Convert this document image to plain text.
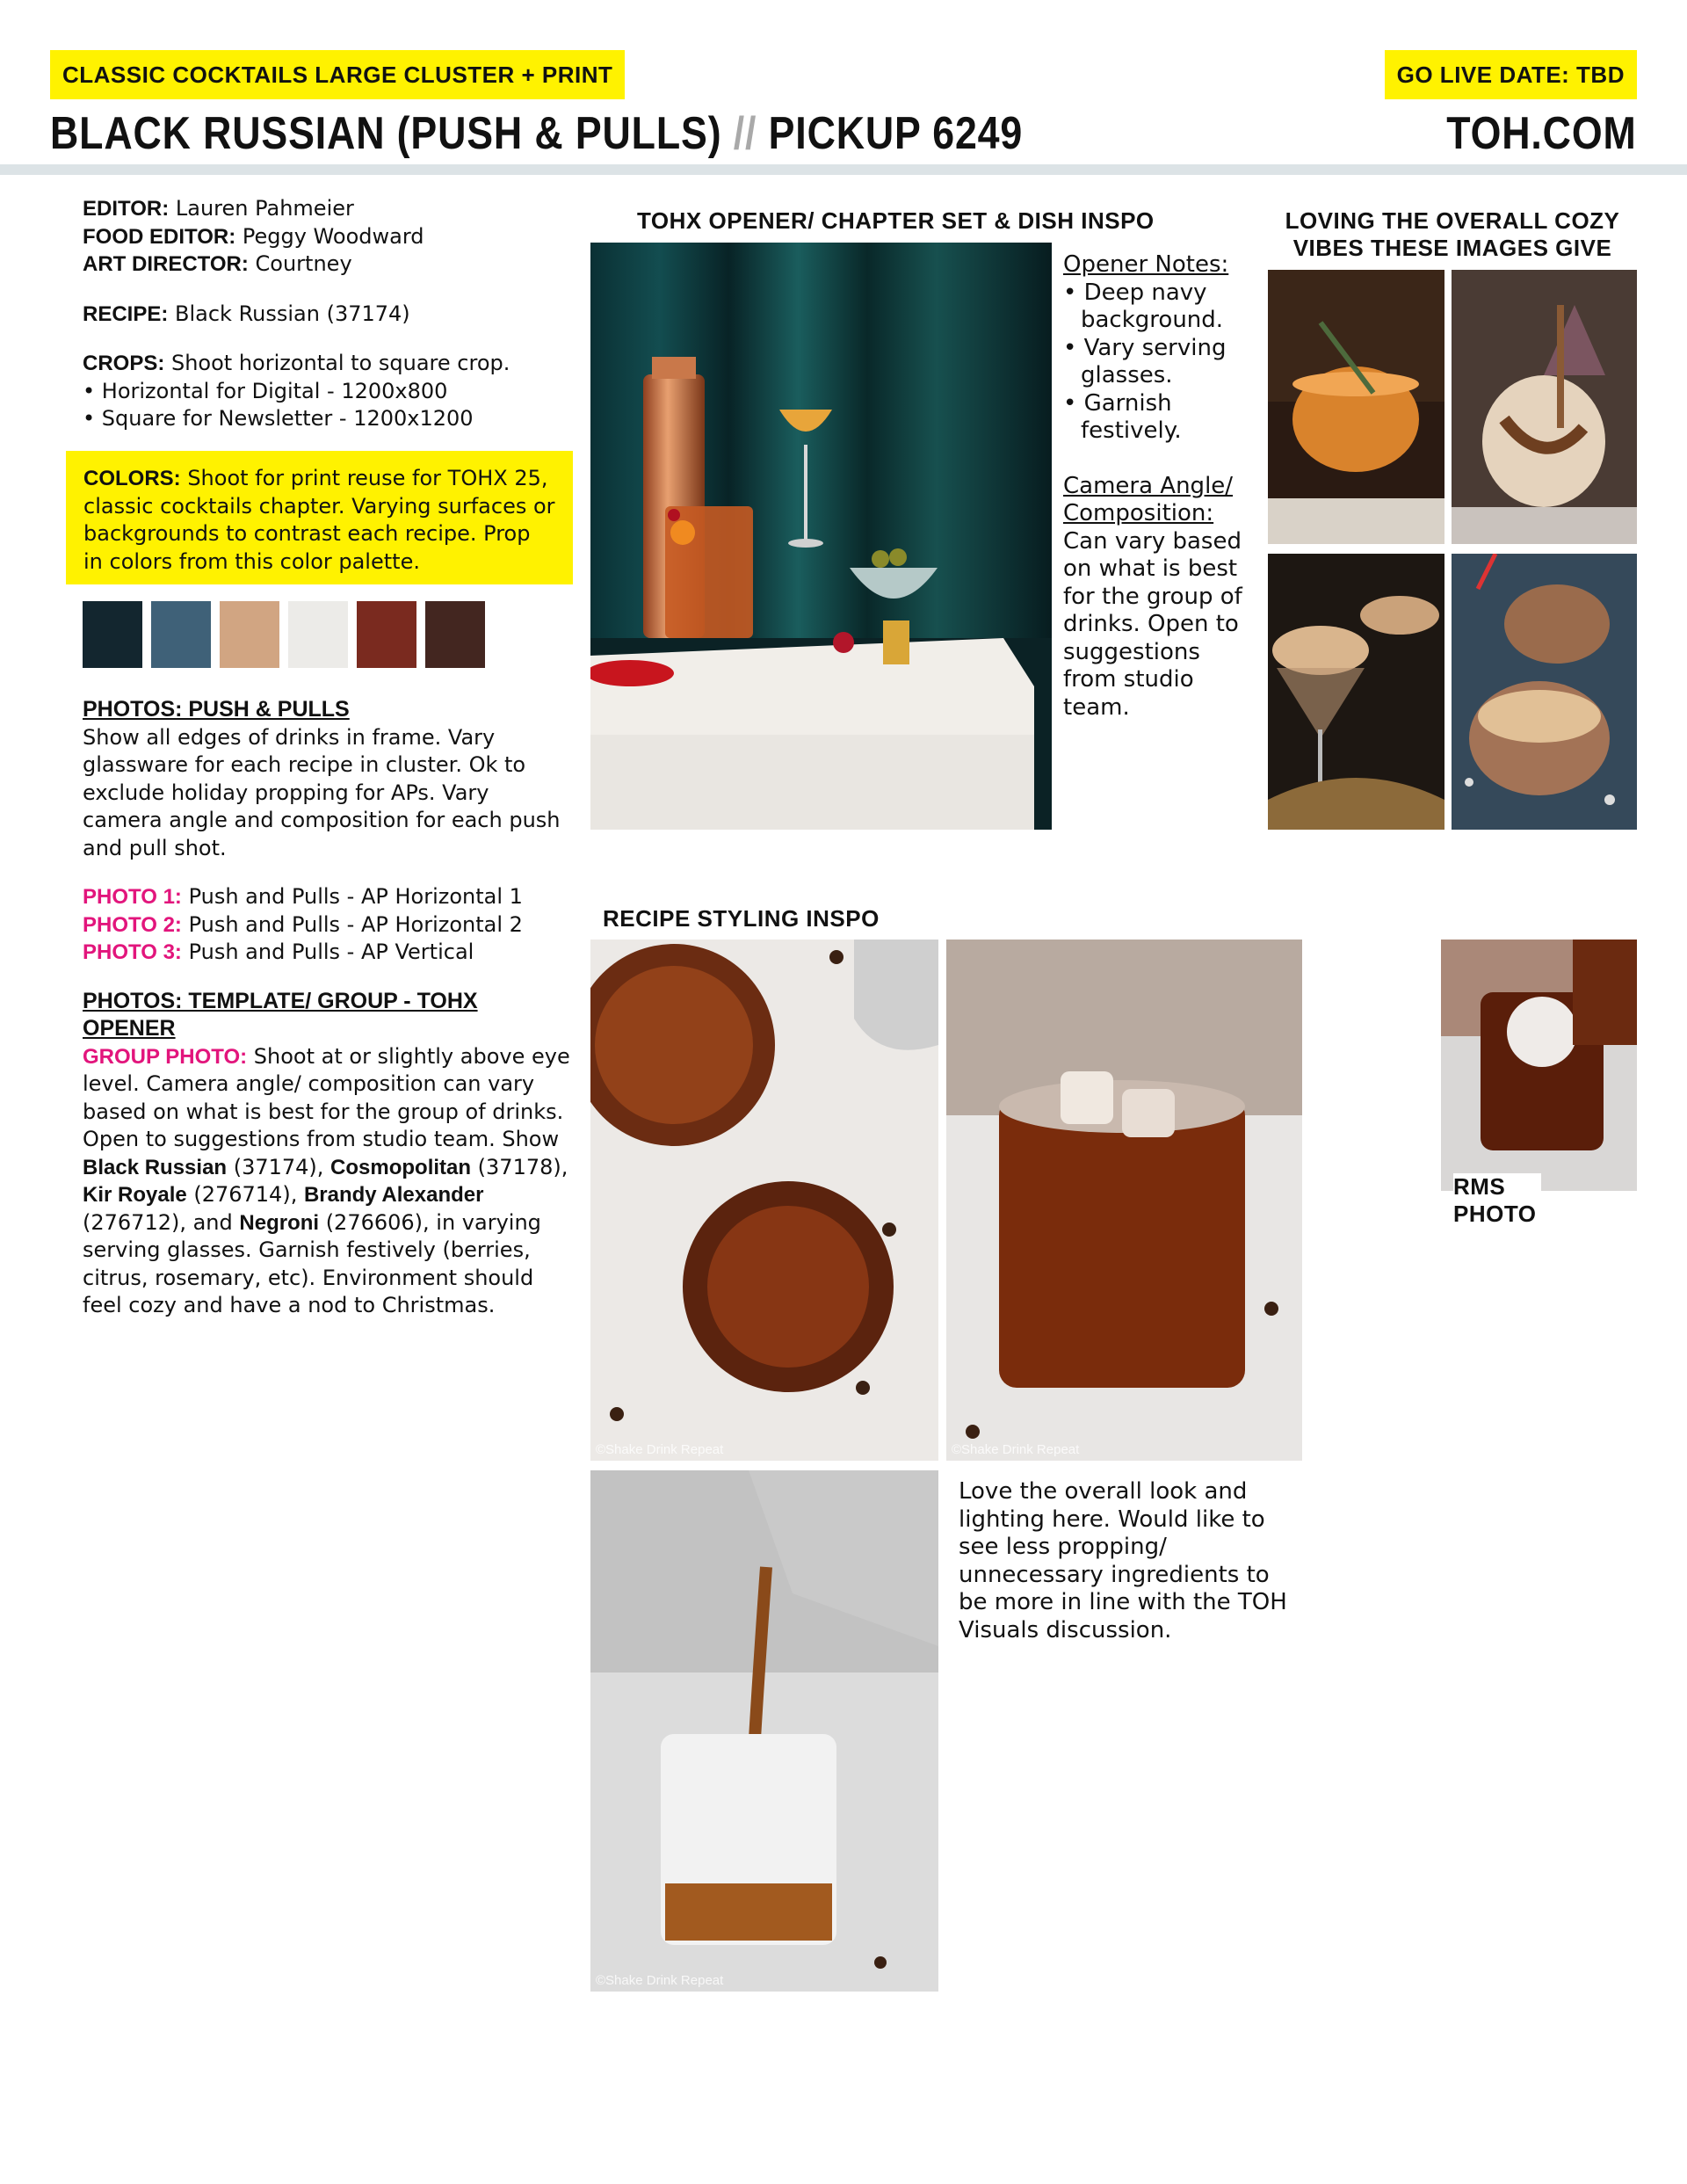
CLASSIC COCKTAILS LARGE CLUSTER + PRINT	GO LIVE DATE: TBD
BLACK RUSSIAN (PUSH & PULLS) // PICKUP 6249	TOH.COM
EDITOR: Lauren Pahmeier
FOOD EDITOR: Peggy Woodward
ART DIRECTOR: Courtney
RECIPE: Black Russian (37174)
CROPS: Shoot horizontal to square crop.
• Horizontal for Digital - 1200x800
• Square for Newsletter - 1200x1200
COLORS: Shoot for print reuse for TOHX 25, classic cocktails chapter. Varying surfaces or backgrounds to contrast each recipe. Prop in colors from this color palette.
PHOTOS: PUSH & PULLS
Show all edges of drinks in frame. Vary glassware for each recipe in cluster. Ok to exclude holiday propping for APs. Vary camera angle and composition for each push and pull shot.
PHOTO 1: Push and Pulls - AP Horizontal 1
PHOTO 2: Push and Pulls - AP Horizontal 2
PHOTO 3: Push and Pulls - AP Vertical
PHOTOS: TEMPLATE/ GROUP - TOHX OPENER
GROUP PHOTO: Shoot at or slightly above eye level. Camera angle/ composition can vary based on what is best for the group of drinks. Open to suggestions from studio team. Show Black Russian (37174), Cosmopolitan (37178), Kir Royale (276714), Brandy Alexander (276712), and Negroni (276606), in varying serving glasses. Garnish festively (berries, citrus, rosemary, etc). Environment should feel cozy and have a nod to Christmas.
TOHX OPENER/ CHAPTER SET & DISH INSPO
Opener Notes:
• Deep navy background.
• Vary serving glasses.
• Garnish festively.
Camera Angle/ Composition:
Can vary based on what is best for the group of drinks. Open to suggestions from studio team.
LOVING THE OVERALL COZY
VIBES THESE IMAGES GIVE
RECIPE STYLING INSPO
©Shake Drink Repeat	©Shake Drink Repeat
©Shake Drink Repeat
Love the overall look and lighting here. Would like to see less propping/ unnecessary ingredients to be more in line with the TOH Visuals discussion.
RMS
PHOTO
